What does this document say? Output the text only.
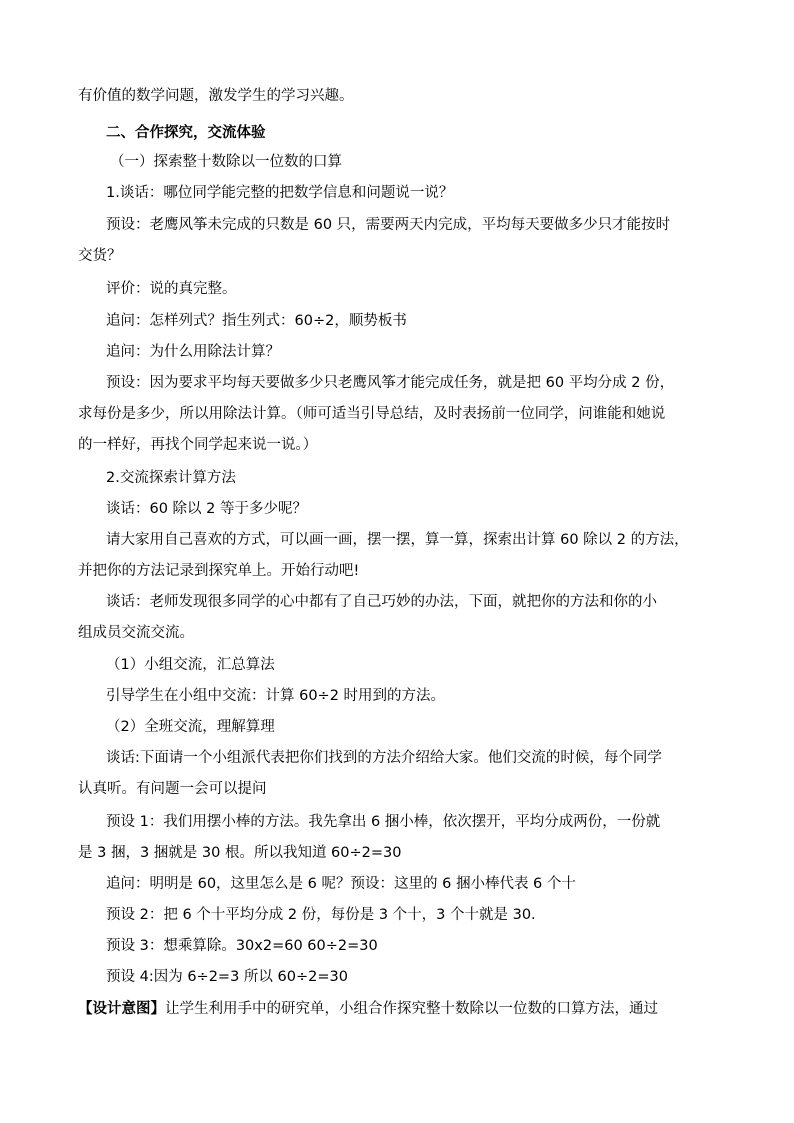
有价值的数学问题，激发学生的学习兴趣。
二、合作探究，交流体验
（一）探索整十数除以一位数的口算
1.谈话：哪位同学能完整的把数学信息和问题说一说？
预设：老鹰风筝未完成的只数是 60 只，需要两天内完成，平均每天要做多少只才能按时
交货？
评价：说的真完整。
追问：怎样列式？指生列式：60÷2，顺势板书
追问：为什么用除法计算？
预设：因为要求平均每天要做多少只老鹰风筝才能完成任务，就是把 60 平均分成 2 份，
求每份是多少，所以用除法计算。（师可适当引导总结，及时表扬前一位同学，问谁能和她说
的一样好，再找个同学起来说一说。）
2.交流探索计算方法
谈话：60 除以 2 等于多少呢？
请大家用自己喜欢的方式，可以画一画，摆一摆，算一算，探索出计算 60 除以 2 的方法，
并把你的方法记录到探究单上。开始行动吧!
谈话：老师发现很多同学的心中都有了自己巧妙的办法，下面，就把你的方法和你的小
组成员交流交流。
（1）小组交流，汇总算法
引导学生在小组中交流：计算 60÷2 时用到的方法。
（2）全班交流，理解算理
谈话:下面请一个小组派代表把你们找到的方法介绍给大家。他们交流的时候，每个同学
认真听。有问题一会可以提问
预设 1：我们用摆小棒的方法。我先拿出 6 捆小棒，依次摆开，平均分成两份，一份就
是 3 捆，3 捆就是 30 根。所以我知道 60÷2=30
追问：明明是 60，这里怎么是 6 呢？预设：这里的 6 捆小棒代表 6 个十
预设 2：把 6 个十平均分成 2 份，每份是 3 个十，3 个十就是 30.
预设 3：想乘算除。30x2=60 60÷2=30
预设 4:因为 6÷2=3 所以 60÷2=30
【设计意图】让学生利用手中的研究单，小组合作探究整十数除以一位数的口算方法，通过
